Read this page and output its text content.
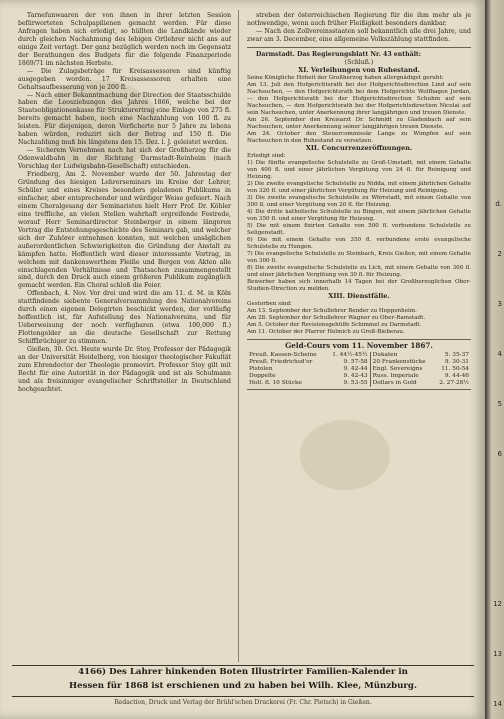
Tarnefunwaaren der von ihnen in ihrer letzten Session befürworteten Schulpapilienen gemacht werden. Für diese Anfragen haben sich erledigt, so hüllten die Landkände wieder durch gleichen Nachahmung des lebigen Ortlehrer nicht ans auf einige Zeit vertagt. Der ganz bezüglich werden noch im Gegensatz der Berathungen des Budgets für die folgende Finanzperiode 1869/71 im nächsten Herbste.

— Die Zulagsbeträge für Kreisassessoren sind künftig ausgegeben worden. 17 Kreisassessoren erhalten eine Gehaltsaufbesserung von je 200 fl.

— Nach einer Bekanntmachung der Direction der Staatsschulde haben die Loosziehungen des Jahres 1866, welche bei der Staatsobligationenkasse für Strukturertrag eine Einlage von 275 fl. bereits gemacht haben, noch eine Nachzahlung von 100 fl. zu leisten. Für diejenigen, deren Verficherte nur 5 Jahre zu lebens haben würden, reduzirt sich der Betrag auf 150 fl. Die Nachzahlung muß bis längstens den 15. Dez. l. J. geleistet werden.

— Sicherem Vernehmen nach hat sich der Großherzog für die Odenwaldbahn in der Richtung Darmstadt-Reinheim (nach Vorschlag der Ludwigsbahn-Gesellschaft) entschieden.

Friedberg, Am 2. November wurde der 50. Jahrestag der Gründung des hiesigen Lehrerseminars im Kreise der Lehrer, Schüler und eines Kreises besonders geladenen Publikums in einfacher, aber entsprechender und würdiger Weise gefeiert. Nach einem Choralgesang der Seminaristen hielt Herr Prof. Dr. Köhler eine treffliche, an vielen Stellen wahrhaft ergreifende Festrede, worauf Herr Seminardirector Steinberger in einem längeren Vortrag die Entstehungsgeschichte des Seminars gab, und welcher sich der Zuhörer entnehmen konnten, mit welchen unsäglichen außerordentlichen Schwierigkeiten die Gründung der Anstalt zu kämpfen hatte. Hoffentlich wird dieser interessante Vortrag, in welchem mit dankenswerthem Fleiße und Bergen von Akten alle einschlagenden Verhältnisse und Thatsachen zusammengestellt sind, durch den Druck auch einem größeren Publikum zugänglich gemacht werden. Ein Choral schloß die Feier.

Offenbach, 4. Nov. Vor drei und wird die am 11. d. M. in Köln stattfindende siebente Generalversammlung des Nationalvereins durch einen eigenen Delegirten beschickt werden, der vorläufig hoffentlich ist, für Aufstellung des Nationalvereins, und für Ueberweisung der noch verfügbaren (etwa 100,000 fl.) Flottengelder an die deutsche Gesellschaft zur Rettung Schiffbrüchiger zu stimmen.

Gießen, 30. Oct. Heute wurde Dr. Stoy, Professor der Pädagogik an der Universität Heidelberg, von hiesiger theologischer Fakultät zum Ehrendoctor der Theologie promovirt. Professor Stoy gilt mit Recht für eine Autorität in der Pädagogik und ist als Schulmann und als freisinniger evangelischer Schriftsteller in Deutschland hochgeachtet.

streben der österreichischen Regierung für die ihm mehr als je nothwendige, wenn auch früher Fleißigkeit besonders dankbar.

— Nach den Zollvereinsstaaten soll bekanntlich alle drei Jahre, und zwar am 3. December, eine allgemeine Volkszählung stattfinden.

Darmstadt. Das Regierungsblatt Nr. 43 enthält:

(Schluß.)
XI. Verleihungen von Ruhestand.
Seine Königliche Hoheit der Großherzog haben allergnädigst geruht:
Am 13. Juli den Hofgerichtsrath bei der Hofgerichtsdirection Lind auf sein Nachsuchen, — den Hofgerichtsrath bei dem Hofgerichte Wolfhagen Jordan, — den Hofgerichtsrath bei der Hofgerichtsdirection Schuhm auf sein Nachsuchen, — den Hofgerichtsrath bei der Hofgerichtsdirection Nicolai auf sein Nachsuchen, unter Anerkennung ihrer langjährigen und treuen Dienste.
Am 26. September den Kreisarzt Dr. Schmidt zu Gladenbach auf sein Nachsuchen, unter Anerkennung seiner langjährigen treuen Dienste.
Am 24. October den Steuercommissär Lange zu Wimpfen auf sein Nachsuchen in den Ruhestand zu versetzen.
XII. Concurrenzeröffnungen.
Erledigt sind:
1) Die fünfte evangelische Schulstelle zu Groß-Umstadt, mit einem Gehalte von 400 fl. und einer jährlichen Vergütung von 24 fl. für Reinigung und Heizung.
2) Die zweite evangelische Schulstelle zu Nidda, mit einem jährlichen Gehalte von 320 fl. und einer jährlichen Vergütung für Heizung und Reinigung.
3) Die zweite evangelische Schulstelle zu Wörrstadt, mit einem Gehalte von 300 fl. und einer Vergütung von 20 fl. für Heizung.
4) Die dritte katholische Schulstelle zu Bingen, mit einem jährlichen Gehalte von 350 fl. und einer Vergütung für Heizung.
5) Die mit einem fixirten Gehalte von 500 fl. verbundene Schulstelle zu Seligenstadt.
6) Die mit einem Gehalte von 350 fl. verbundene erste evangelische Schulstelle zu Hungen.
7) Die evangelische Schulstelle zu Steinbach, Kreis Gießen, mit einem Gehalte von 300 fl.
8) Die zweite evangelische Schulstelle zu Lich, mit einem Gehalte von 300 fl. und einer jährlichen Vergütung von 30 fl. für Heizung.
Bewerber haben sich innerhalb 14 Tagen bei der Großherzoglichen Ober-Studien-Direction zu melden.
XIII. Dienstfälle.
Gestorben sind:
Am 13. September der Schullehrer Bender zu Heppenheim.
Am 28. September der Schullehrer Wagner zu Ober-Ramstadt.
Am 5. October der Revisionsgehülfe Schimmel zu Darmstadt.
Am 11. October der Pfarrer Helmich zu Groß-Bieberau.
Geld-Cours vom 11. November 1867.
Preuß. Kassen-Scheine	1. 44½-45½	Dukaten	5. 35-37
Preuß. Friedrichsd'or	9. 57-58	20 Frankenstücke	9. 30-31
Pistolen	9. 42-44	Engl. Sovereigns	11. 50-54
Doppelte	9. 42-43	Russ. Imperiale	9. 44-46
Holl. fl. 10 Stücke	9. 53-55	Dollars in Gold	2. 27-28½
4166) Des Lahrer hinkenden Boten Illustrirter Familien-Kalender in
Hessen für 1868 ist erschienen und zu haben bei Wilh. Klee, Münzburg.
Redaction, Druck und Verlag der Brühl'schen Druckerei (Fr. Chr. Pietsch) in Gießen.
d.
2
3
4
5
6
12
13
14
